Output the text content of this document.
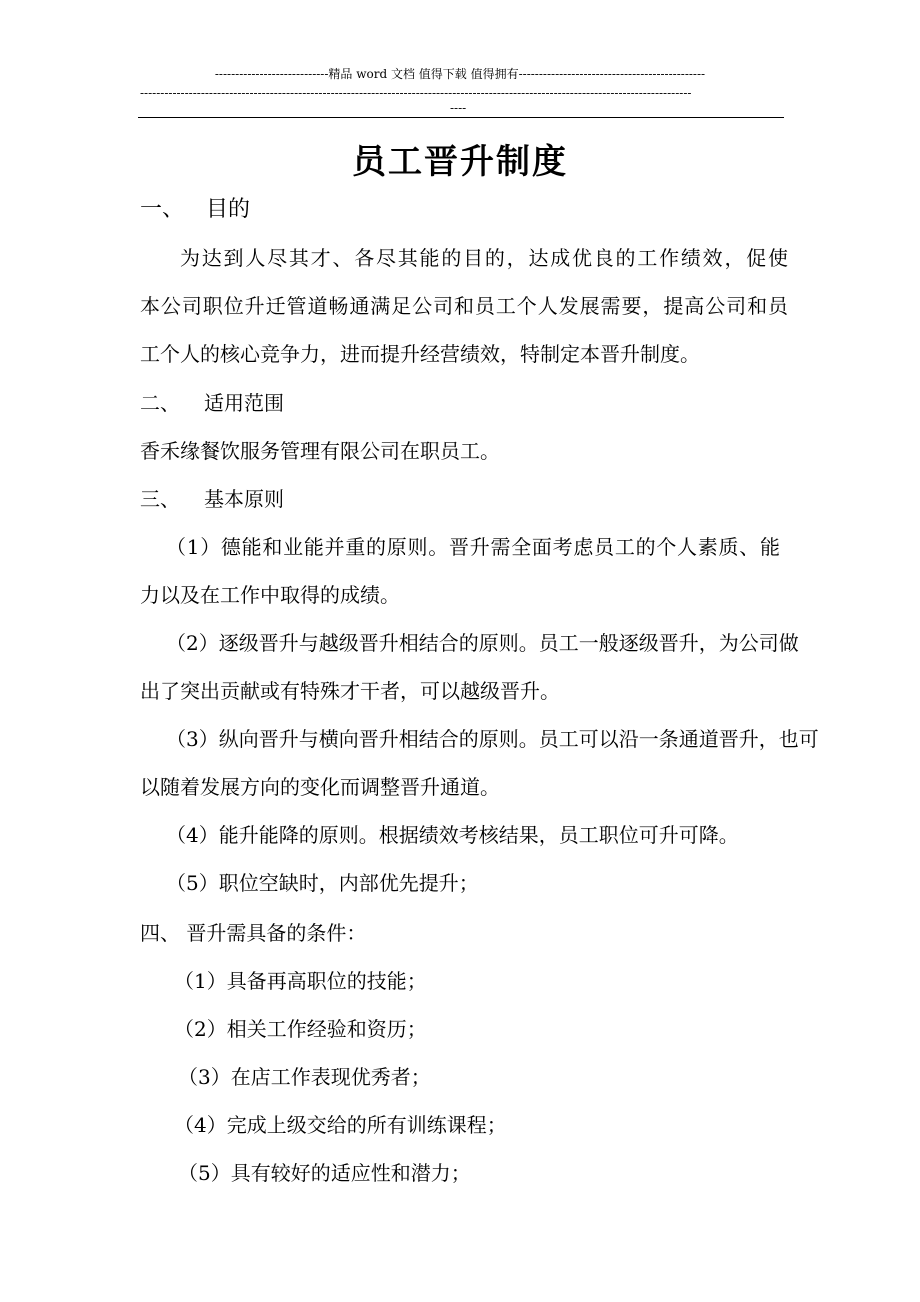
----------------------------精品 word 文档 值得下载 值得拥有----------------------------------------------
----------------------------------------------------------------------------------------------------------------------------------------
----
员工晋升制度
一、 目的
为达到人尽其才、各尽其能的目的，达成优良的工作绩效，促使
本公司职位升迁管道畅通满足公司和员工个人发展需要，提高公司和员
工个人的核心竞争力，进而提升经营绩效，特制定本晋升制度。
二、 适用范围
香禾缘餐饮服务管理有限公司在职员工。
三、 基本原则
（1）德能和业能并重的原则。晋升需全面考虑员工的个人素质、能
力以及在工作中取得的成绩。
（2）逐级晋升与越级晋升相结合的原则。员工一般逐级晋升，为公司做
出了突出贡献或有特殊才干者，可以越级晋升。
（3）纵向晋升与横向晋升相结合的原则。员工可以沿一条通道晋升，也可
以随着发展方向的变化而调整晋升通道。
（4）能升能降的原则。根据绩效考核结果，员工职位可升可降。
（5）职位空缺时，内部优先提升；
四、 晋升需具备的条件：
（1）具备再高职位的技能；
（2）相关工作经验和资历；
（3）在店工作表现优秀者；
（4）完成上级交给的所有训练课程；
（5）具有较好的适应性和潜力；
